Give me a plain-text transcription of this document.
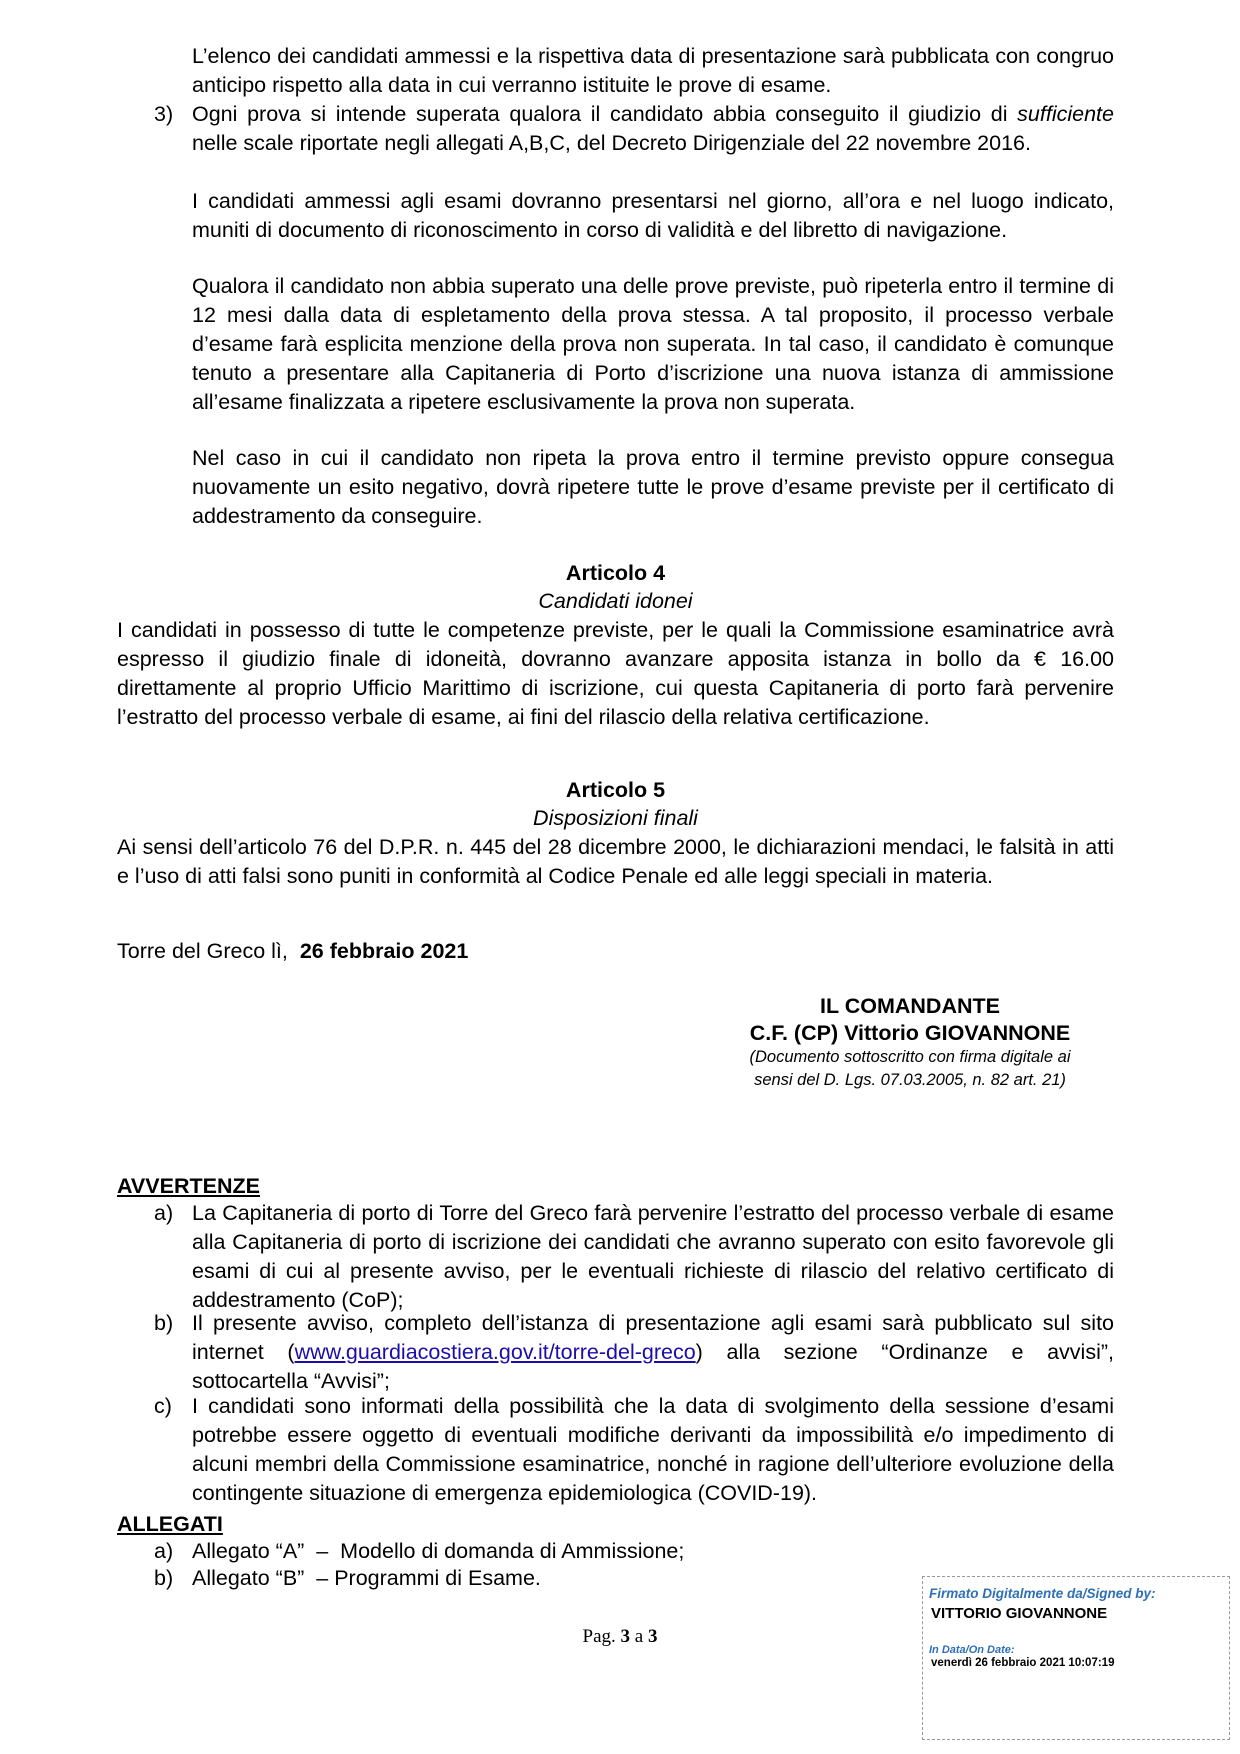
L’elenco dei candidati ammessi e la rispettiva data di presentazione sarà pubblicata con congruo anticipo rispetto alla data in cui verranno istituite le prove di esame.
3) Ogni prova si intende superata qualora il candidato abbia conseguito il giudizio di sufficiente nelle scale riportate negli allegati A,B,C, del Decreto Dirigenziale del 22 novembre 2016.
I candidati ammessi agli esami dovranno presentarsi nel giorno, all’ora e nel luogo indicato, muniti di documento di riconoscimento in corso di validità e del libretto di navigazione.
Qualora il candidato non abbia superato una delle prove previste, può ripeterla entro il termine di 12 mesi dalla data di espletamento della prova stessa. A tal proposito, il processo verbale d’esame farà esplicita menzione della prova non superata. In tal caso, il candidato è comunque tenuto a presentare alla Capitaneria di Porto d’iscrizione una nuova istanza di ammissione all’esame finalizzata a ripetere esclusivamente la prova non superata.
Nel caso in cui il candidato non ripeta la prova entro il termine previsto oppure consegua nuovamente un esito negativo, dovrà ripetere tutte le prove d’esame previste per il certificato di addestramento da conseguire.
Articolo 4
Candidati idonei
I candidati in possesso di tutte le competenze previste, per le quali la Commissione esaminatrice avrà espresso il giudizio finale di idoneità, dovranno avanzare apposita istanza in bollo da € 16.00 direttamente al proprio Ufficio Marittimo di iscrizione, cui questa Capitaneria di porto farà pervenire l’estratto del processo verbale di esame, ai fini del rilascio della relativa certificazione.
Articolo 5
Disposizioni finali
Ai sensi dell’articolo 76 del D.P.R. n. 445 del 28 dicembre 2000, le dichiarazioni mendaci, le falsità in atti e l’uso di atti falsi sono puniti in conformità al Codice Penale ed alle leggi speciali in materia.
Torre del Greco lì, 26 febbraio 2021
IL COMANDANTE
C.F. (CP) Vittorio GIOVANNONE
(Documento sottoscritto con firma digitale ai
sensi del D. Lgs. 07.03.2005, n. 82 art. 21)
AVVERTENZE
a) La Capitaneria di porto di Torre del Greco farà pervenire l’estratto del processo verbale di esame alla Capitaneria di porto di iscrizione dei candidati che avranno superato con esito favorevole gli esami di cui al presente avviso, per le eventuali richieste di rilascio del relativo certificato di addestramento (CoP);
b) Il presente avviso, completo dell’istanza di presentazione agli esami sarà pubblicato sul sito internet (www.guardiacostiera.gov.it/torre-del-greco) alla sezione “Ordinanze e avvisi”, sottocartella “Avvisi”;
c) I candidati sono informati della possibilità che la data di svolgimento della sessione d’esami potrebbe essere oggetto di eventuali modifiche derivanti da impossibilità e/o impedimento di alcuni membri della Commissione esaminatrice, nonché in ragione dell’ulteriore evoluzione della contingente situazione di emergenza epidemiologica (COVID-19).
ALLEGATI
a) Allegato “A”  –  Modello di domanda di Ammissione;
b) Allegato “B”  – Programmi di Esame.
Pag. 3 a 3
Firmato Digitalmente da/Signed by:
VITTORIO GIOVANNONE
In Data/On Date:
venerdì 26 febbraio 2021 10:07:19
